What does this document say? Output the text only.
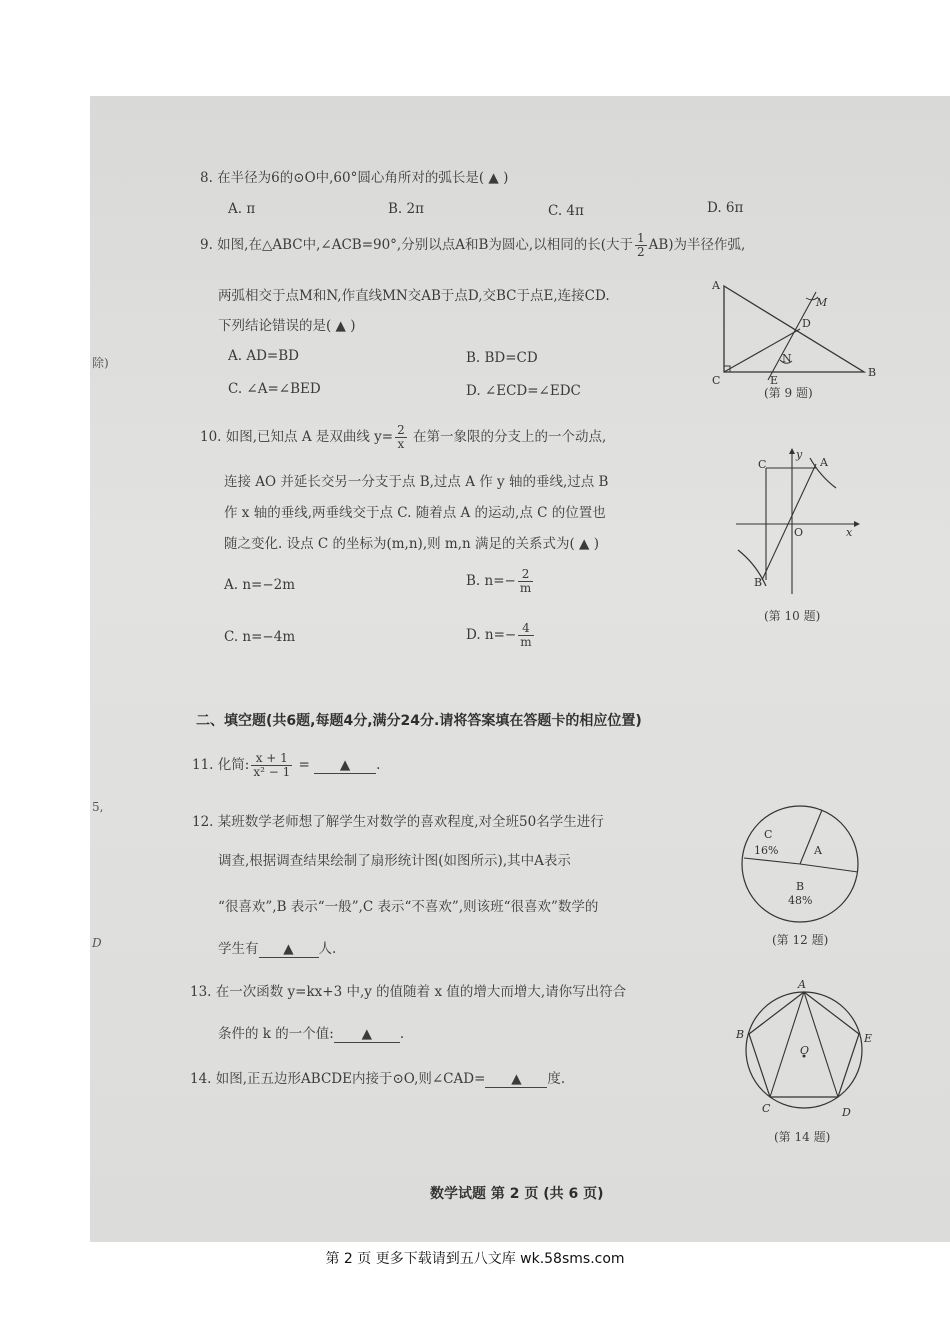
除)
5,
D
8. 在半径为6的⊙O中,60°圆心角所对的弧长是( ▲ )
A. π	B. 2π	C. 4π	D. 6π
9. 如图,在△ABC中,∠ACB=90°,分别以点A和B为圆心,以相同的长(大于 $\frac{1}{2} AB$)为半径作弧,
两弧相交于点M和N,作直线MN交AB于点D,交BC于点E,连接CD.
下列结论错误的是( ▲ )
A. AD=BD	B. BD=CD
C. ∠A=∠BED	D. ∠ECD=∠EDC
A
M
D
N
C	E
B
(第 9 题)
10. 如图,已知点 A 是双曲线 $y= \frac{2}{x}$ 在第一象限的分支上的一个动点,
连接 AO 并延长交另一分支于点 B,过点 A 作 y 轴的垂线,过点 B
作 x 轴的垂线,两垂线交于点 C. 随着点 A 的运动,点 C 的位置也
随之变化. 设点 C 的坐标为(m,n),则 m,n 满足的关系式为( ▲ )
A. n=−2m	B. $n=- \frac{2}{m}$
C. n=−4m	D. $n=- \frac{4}{m}$
C
y
A
O	x
B
(第 10 题)
二、填空题(共6题,每题4分,满分24分.请将答案填在答题卡的相应位置)
11. 化简: $\frac{x + 1}{\text{x² − 1}}$ = ▲ .
12. 某班数学老师想了解学生对数学的喜欢程度,对全班50名学生进行
调查,根据调查结果绘制了扇形统计图(如图所示),其中A表示
“很喜欢”,B 表示“一般”,C 表示“不喜欢”,则该班“很喜欢”数学的
学生有 ▲ 人.
C
16%	A
B
48%
(第 12 题)
13. 在一次函数 y=kx+3 中,y 的值随着 x 值的增大而增大,请你写出符合
条件的 k 的一个值: ▲ .
14. 如图,正五边形ABCDE内接于⊙O,则∠CAD= ▲ 度.
A
B	E
O
C	D
(第 14 题)
数学试题 第 2 页 (共 6 页)
第 2 页 更多下载请到五八文库 wk.58sms.com
